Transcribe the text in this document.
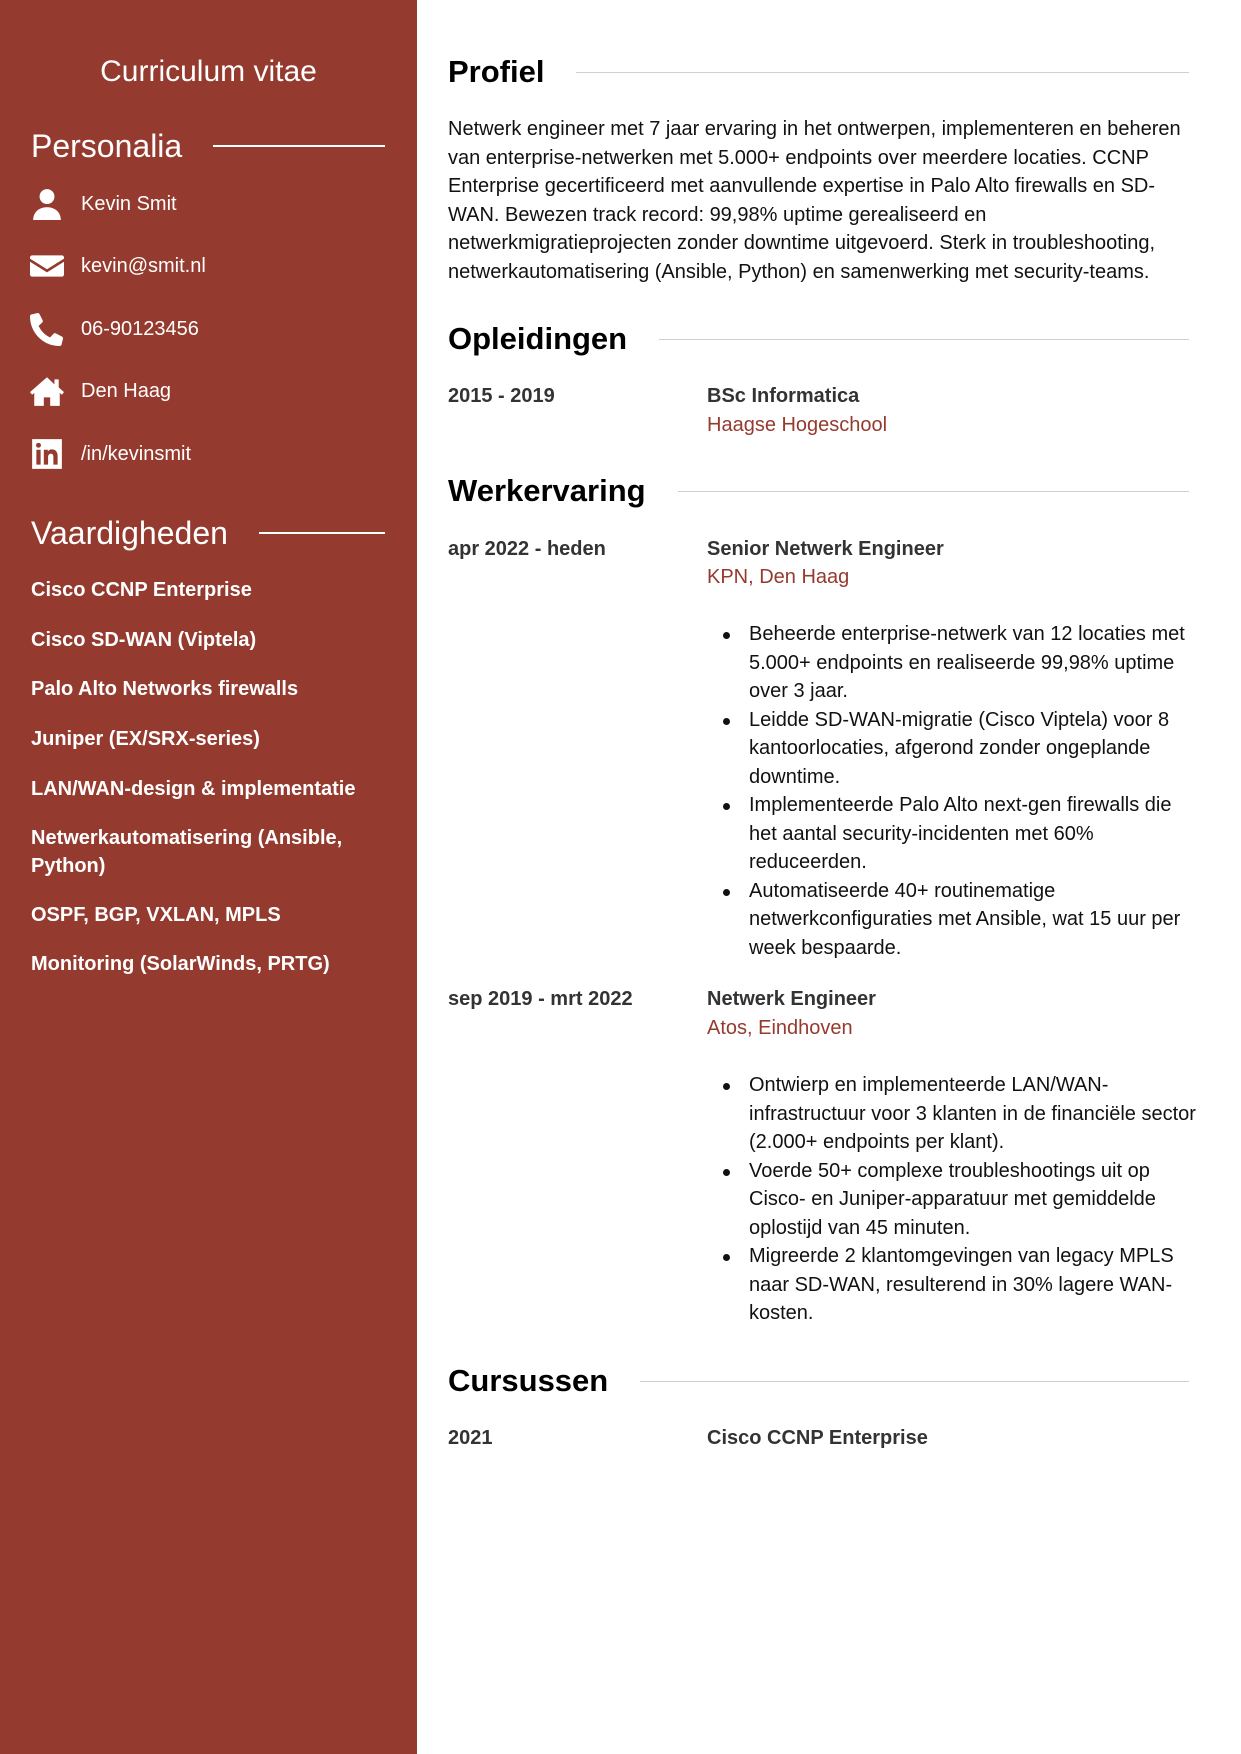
Curriculum vitae
Personalia
Kevin Smit
kevin@smit.nl
06-90123456
Den Haag
/in/kevinsmit
Vaardigheden
Cisco CCNP Enterprise
Cisco SD-WAN (Viptela)
Palo Alto Networks firewalls
Juniper (EX/SRX-series)
LAN/WAN-design & implementatie
Netwerkautomatisering (Ansible, Python)
OSPF, BGP, VXLAN, MPLS
Monitoring (SolarWinds, PRTG)
Profiel

Netwerk engineer met 7 jaar ervaring in het ontwerpen, implementeren en beheren van enterprise-netwerken met 5.000+ endpoints over meerdere locaties. CCNP Enterprise gecertificeerd met aanvullende expertise in Palo Alto firewalls en SD-WAN. Bewezen track record: 99,98% uptime gerealiseerd en netwerkmigratieprojecten zonder downtime uitgevoerd. Sterk in troubleshooting, netwerkautomatisering (Ansible, Python) en samenwerking met security-teams.

Opleidingen
2015 - 2019	BSc Informatica
Haagse Hogeschool
Werkervaring
apr 2022 - heden	Senior Netwerk Engineer
KPN, Den Haag
Beheerde enterprise-netwerk van 12 locaties met 5.000+ endpoints en realiseerde 99,98% uptime over 3 jaar.
Leidde SD-WAN-migratie (Cisco Viptela) voor 8 kantoorlocaties, afgerond zonder ongeplande downtime.
Implementeerde Palo Alto next-gen firewalls die het aantal security-incidenten met 60% reduceerden.
Automatiseerde 40+ routinematige netwerkconfiguraties met Ansible, wat 15 uur per week bespaarde.
sep 2019 - mrt 2022	Netwerk Engineer
Atos, Eindhoven
Ontwierp en implementeerde LAN/WAN-infrastructuur voor 3 klanten in de financiële sector (2.000+ endpoints per klant).
Voerde 50+ complexe troubleshootings uit op Cisco- en Juniper-apparatuur met gemiddelde oplostijd van 45 minuten.
Migreerde 2 klantomgevingen van legacy MPLS naar SD-WAN, resulterend in 30% lagere WAN-kosten.
Cursussen
2021	Cisco CCNP Enterprise
